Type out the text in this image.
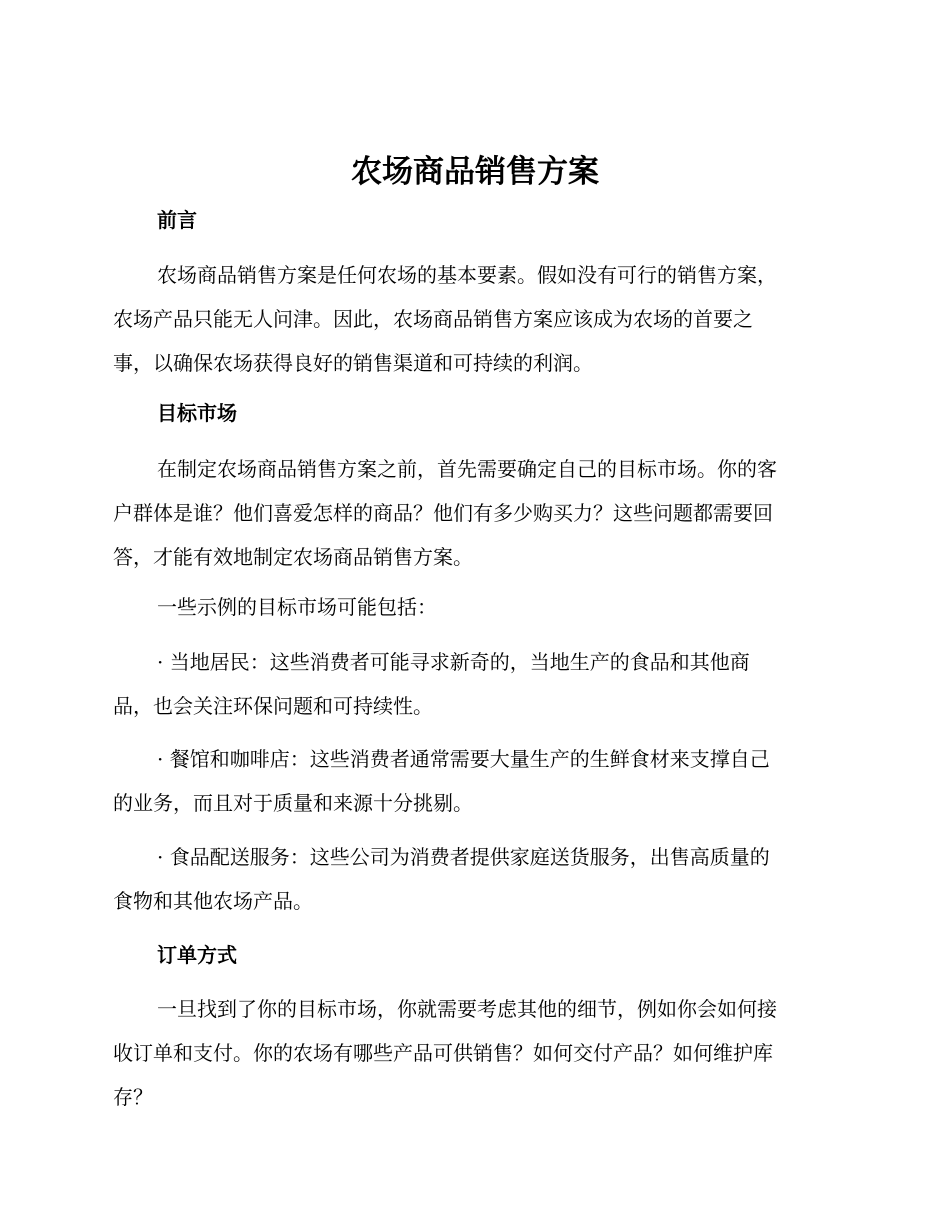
农场商品销售方案
前言

农场商品销售方案是任何农场的基本要素。假如没有可行的销售方案，
农场产品只能无人问津。因此，农场商品销售方案应该成为农场的首要之
事，以确保农场获得良好的销售渠道和可持续的利润。

目标市场

在制定农场商品销售方案之前，首先需要确定自己的目标市场。你的客
户群体是谁？他们喜爱怎样的商品？他们有多少购买力？这些问题都需要回
答，才能有效地制定农场商品销售方案。

一些示例的目标市场可能包括：

· 当地居民：这些消费者可能寻求新奇的，当地生产的食品和其他商
品，也会关注环保问题和可持续性。

· 餐馆和咖啡店：这些消费者通常需要大量生产的生鲜食材来支撑自己
的业务，而且对于质量和来源十分挑剔。

· 食品配送服务：这些公司为消费者提供家庭送货服务，出售高质量的
食物和其他农场产品。

订单方式

一旦找到了你的目标市场，你就需要考虑其他的细节，例如你会如何接
收订单和支付。你的农场有哪些产品可供销售？如何交付产品？如何维护库
存？
